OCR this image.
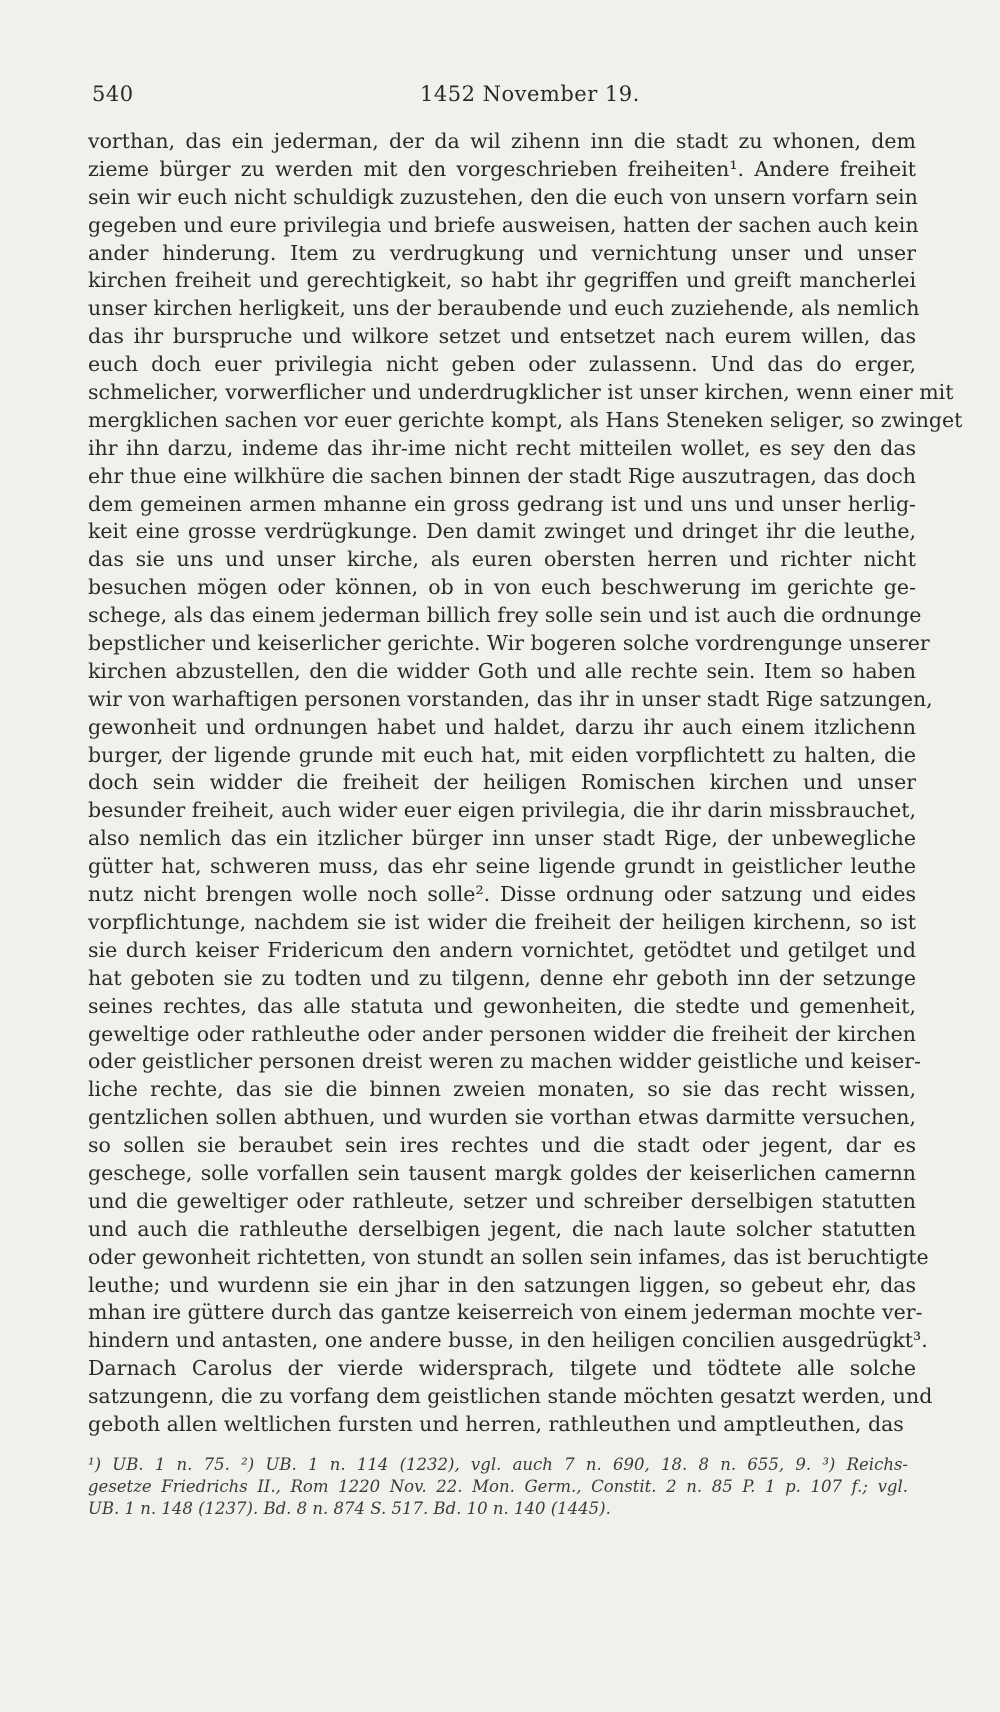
540	1452 November 19.
vorthan, das ein jederman, der da wil zihenn inn die stadt zu whonen, dem
zieme bürger zu werden mit den vorgeschrieben freiheiten¹. Andere freiheit
sein wir euch nicht schuldigk zuzustehen, den die euch von unsern vorfarn sein
gegeben und eure privilegia und briefe ausweisen, hatten der sachen auch kein
ander hinderung. Item zu verdrugkung und vernichtung unser und unser
kirchen freiheit und gerechtigkeit, so habt ihr gegriffen und greift mancherlei
unser kirchen herligkeit, uns der beraubende und euch zuziehende, als nemlich
das ihr burspruche und wilkore setzet und entsetzet nach eurem willen, das
euch doch euer privilegia nicht geben oder zulassenn. Und das do erger,
schmelicher, vorwerflicher und underdrugklicher ist unser kirchen, wenn einer mit
mergklichen sachen vor euer gerichte kompt, als Hans Steneken seliger, so zwinget
ihr ihn darzu, indeme das ihr-ime nicht recht mitteilen wollet, es sey den das
ehr thue eine wilkhüre die sachen binnen der stadt Rige auszutragen, das doch
dem gemeinen armen mhanne ein gross gedrang ist und uns und unser herlig-
keit eine grosse verdrügkunge. Den damit zwinget und dringet ihr die leuthe,
das sie uns und unser kirche, als euren obersten herren und richter nicht
besuchen mögen oder können, ob in von euch beschwerung im gerichte ge-
schege, als das einem jederman billich frey solle sein und ist auch die ordnunge
bepstlicher und keiserlicher gerichte. Wir bogeren solche vordrengunge unserer
kirchen abzustellen, den die widder Goth und alle rechte sein. Item so haben
wir von warhaftigen personen vorstanden, das ihr in unser stadt Rige satzungen,
gewonheit und ordnungen habet und haldet, darzu ihr auch einem itzlichenn
burger, der ligende grunde mit euch hat, mit eiden vorpflichtett zu halten, die
doch sein widder die freiheit der heiligen Romischen kirchen und unser
besunder freiheit, auch wider euer eigen privilegia, die ihr darin missbrauchet,
also nemlich das ein itzlicher bürger inn unser stadt Rige, der unbewegliche
gütter hat, schweren muss, das ehr seine ligende grundt in geistlicher leuthe
nutz nicht brengen wolle noch solle². Disse ordnung oder satzung und eides
vorpflichtunge, nachdem sie ist wider die freiheit der heiligen kirchenn, so ist
sie durch keiser Fridericum den andern vornichtet, getödtet und getilget und
hat geboten sie zu todten und zu tilgenn, denne ehr geboth inn der setzunge
seines rechtes, das alle statuta und gewonheiten, die stedte und gemenheit,
geweltige oder rathleuthe oder ander personen widder die freiheit der kirchen
oder geistlicher personen dreist weren zu machen widder geistliche und keiser-
liche rechte, das sie die binnen zweien monaten, so sie das recht wissen,
gentzlichen sollen abthuen, und wurden sie vorthan etwas darmitte versuchen,
so sollen sie beraubet sein ires rechtes und die stadt oder jegent, dar es
geschege, solle vorfallen sein tausent margk goldes der keiserlichen camernn
und die geweltiger oder rathleute, setzer und schreiber derselbigen statutten
und auch die rathleuthe derselbigen jegent, die nach laute solcher statutten
oder gewonheit richtetten, von stundt an sollen sein infames, das ist beruchtigte
leuthe; und wurdenn sie ein jhar in den satzungen liggen, so gebeut ehr, das
mhan ire güttere durch das gantze keiserreich von einem jederman mochte ver-
hindern und antasten, one andere busse, in den heiligen concilien ausgedrügkt³.
Darnach Carolus der vierde widersprach, tilgete und tödtete alle solche
satzungenn, die zu vorfang dem geistlichen stande möchten gesatzt werden, und
geboth allen weltlichen fursten und herren, rathleuthen und amptleuthen, das
¹) UB. 1 n. 75. ²) UB. 1 n. 114 (1232), vgl. auch 7 n. 690, 18. 8 n. 655, 9. ³) Reichs-
gesetze Friedrichs II., Rom 1220 Nov. 22. Mon. Germ., Constit. 2 n. 85 P. 1 p. 107 f.; vgl.
UB. 1 n. 148 (1237). Bd. 8 n. 874 S. 517. Bd. 10 n. 140 (1445).
